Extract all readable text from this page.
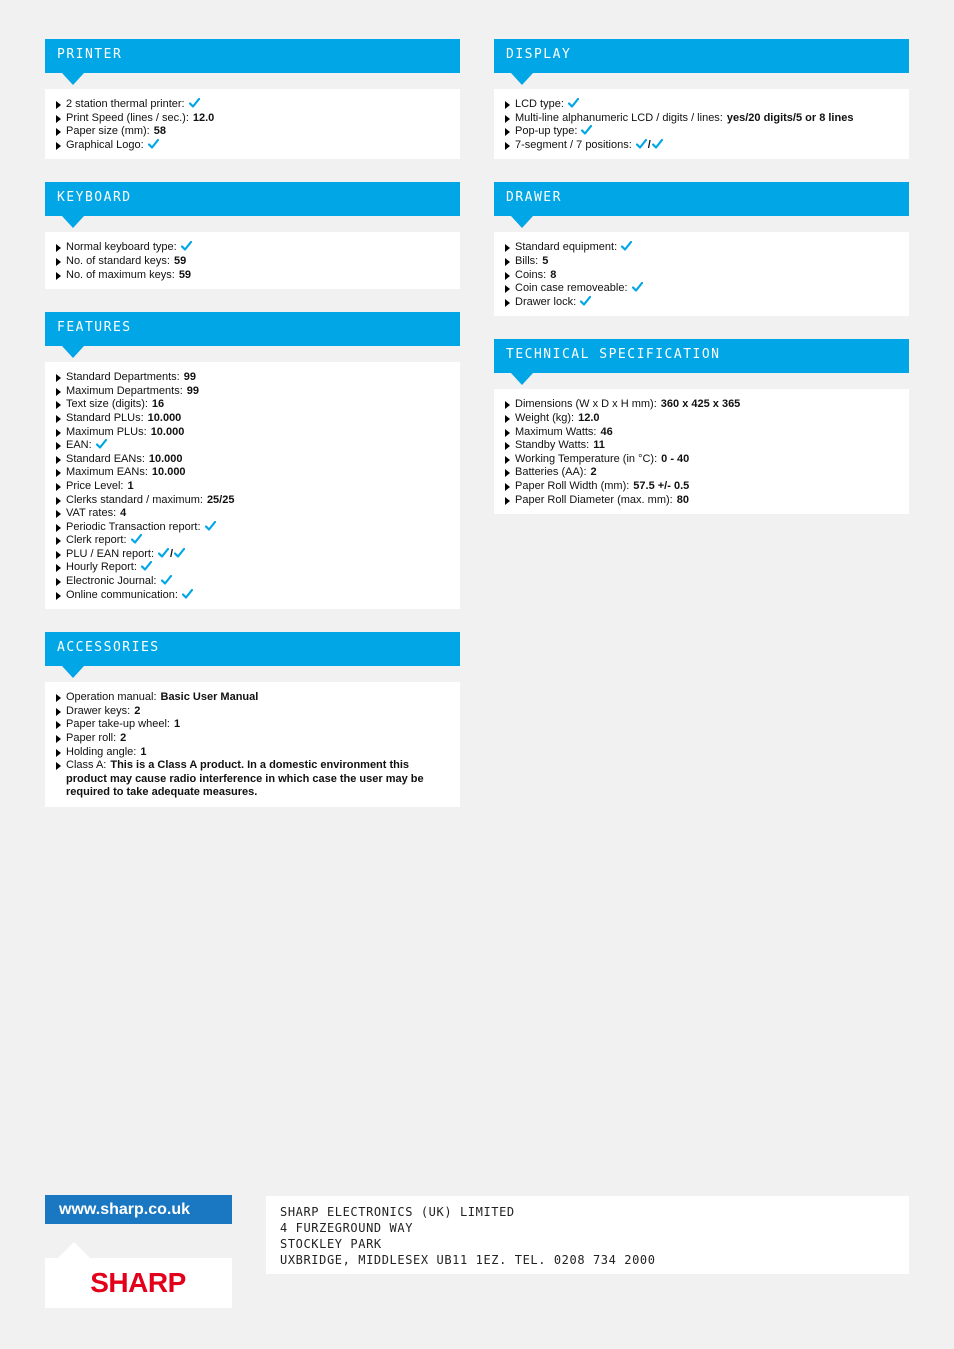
PRINTER
2 station thermal printer:
Print Speed (lines / sec.): 12.0
Paper size (mm): 58
Graphical Logo:
KEYBOARD
Normal keyboard type:
No. of standard keys: 59
No. of maximum keys: 59
FEATURES
Standard Departments: 99
Maximum Departments: 99
Text size (digits): 16
Standard PLUs: 10.000
Maximum PLUs: 10.000
EAN:
Standard EANs: 10.000
Maximum EANs: 10.000
Price Level: 1
Clerks standard / maximum: 25/25
VAT rates: 4
Periodic Transaction report:
Clerk report:
PLU / EAN report: /
Hourly Report:
Electronic Journal:
Online communication:
ACCESSORIES
Operation manual: Basic User Manual
Drawer keys: 2
Paper take-up wheel: 1
Paper roll: 2
Holding angle: 1
Class A: This is a Class A product. In a domestic environment this product may cause radio interference in which case the user may be required to take adequate measures.
DISPLAY
LCD type:
Multi-line alphanumeric LCD / digits / lines: yes/20 digits/5 or 8 lines
Pop-up type:
7-segment / 7 positions: /
DRAWER
Standard equipment:
Bills: 5
Coins: 8
Coin case removeable:
Drawer lock:
TECHNICAL SPECIFICATION
Dimensions (W x D x H mm): 360 x 425 x 365
Weight (kg): 12.0
Maximum Watts: 46
Standby Watts: 11
Working Temperature (in °C): 0 - 40
Batteries (AA): 2
Paper Roll Width (mm): 57.5 +/- 0.5
Paper Roll Diameter (max. mm): 80
www.sharp.co.uk
SHARP
SHARP ELECTRONICS (UK) LIMITED
4 FURZEGROUND WAY
STOCKLEY PARK
UXBRIDGE, MIDDLESEX UB11 1EZ. TEL. 0208 734 2000
